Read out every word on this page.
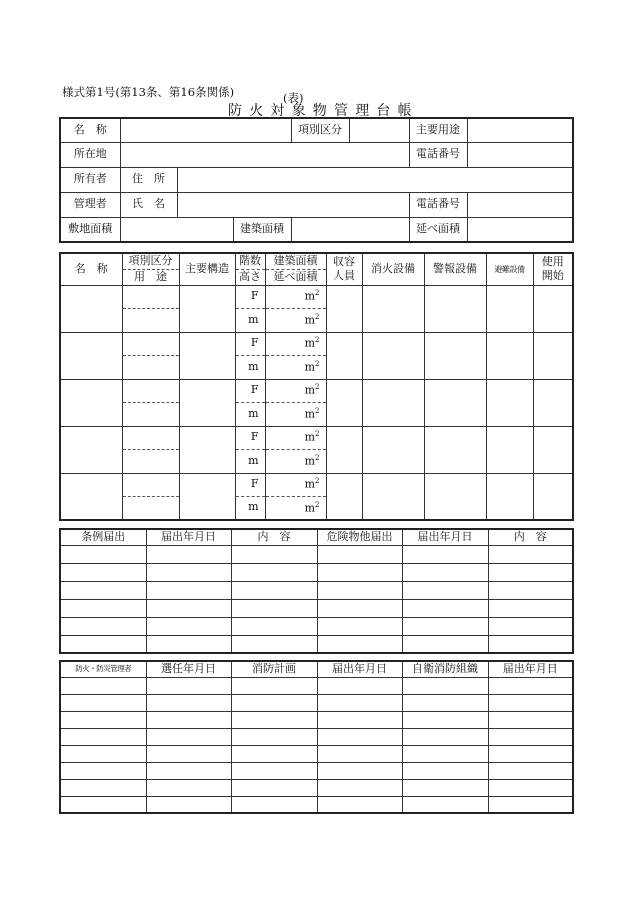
様式第1号(第13条、第16条関係)	(表)
防火対象物管理台帳
名　称				項別区分		主要用途	
所在地						電話番号	
所有者	住　所						
管理者	氏　名					電話番号	
敷地面積			建築面積			延べ面積	
名　称	項別区分	主要構造	階数	建築面積	収容	消火設備	警報設備	避難設備	使用
	用　途		高さ	延べ面積	人員				開始
			F	$m^2$					
			m	$m^2$
			F	$m^2$					
			m	$m^2$
			F	$m^2$					
			m	$m^2$
			F	$m^2$					
			m	$m^2$
			F	$m^2$					
			m	$m^2$
条例届出	届出年月日	内　容	危険物他届出	届出年月日	内　容

防火・防災管理者	選任年月日	消防計画	届出年月日	自衛消防組織	届出年月日
